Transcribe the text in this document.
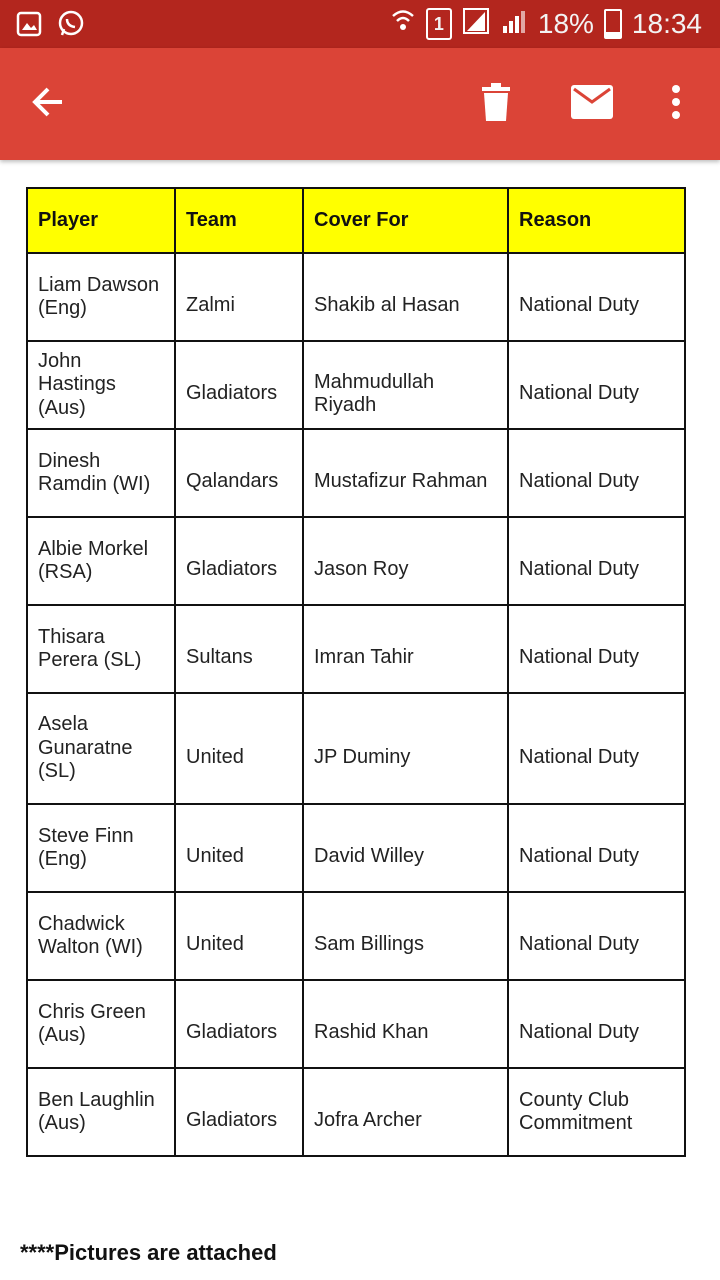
1	18% 18:34
Player	Team	Cover For	Reason
Liam Dawson (Eng)	Zalmi	Shakib al Hasan	National Duty
John Hastings (Aus)	Gladiators	Mahmudullah Riyadh	National Duty
Dinesh Ramdin (WI)	Qalandars	Mustafizur Rahman	National Duty
Albie Morkel (RSA)	Gladiators	Jason Roy	National Duty
Thisara Perera (SL)	Sultans	Imran Tahir	National Duty
Asela Gunaratne (SL)	United	JP Duminy	National Duty
Steve Finn (Eng)	United	David Willey	National Duty
Chadwick Walton (WI)	United	Sam Billings	National Duty
Chris Green (Aus)	Gladiators	Rashid Khan	National Duty
Ben Laughlin (Aus)	Gladiators	Jofra Archer	County Club Commitment
****Pictures are attached
